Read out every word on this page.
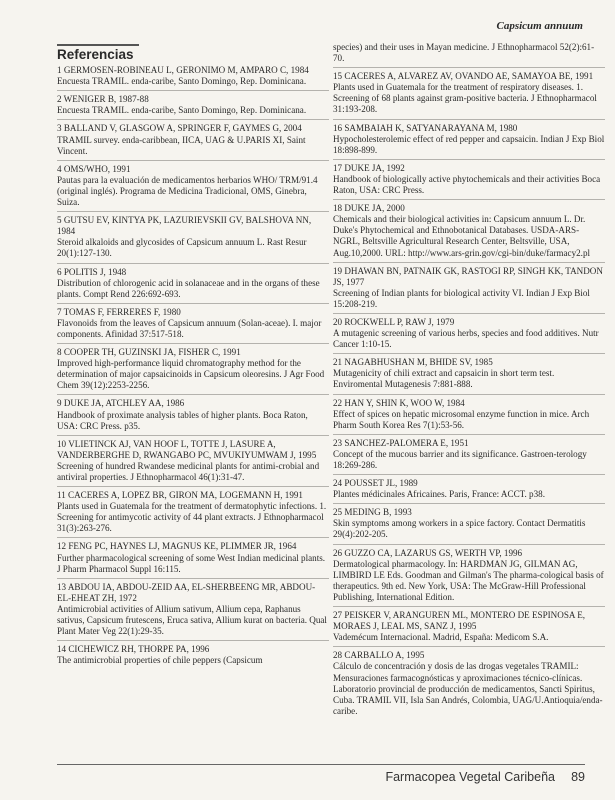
Capsicum annuum
Referencias
1 GERMOSEN-ROBINEAU L, GERONIMO M, AMPARO C, 1984
Encuesta TRAMIL. enda-caribe, Santo Domingo, Rep. Dominicana.
2 WENIGER B, 1987-88
Encuesta TRAMIL. enda-caribe, Santo Domingo, Rep. Dominicana.
3 BALLAND V, GLASGOW A, SPRINGER F, GAYMES G, 2004
TRAMIL survey. enda-caribbean, IICA, UAG & U.PARIS XI, Saint Vincent.
4 OMS/WHO, 1991
Pautas para la evaluación de medicamentos herbarios WHO/ TRM/91.4 (original inglés). Programa de Medicina Tradicional, OMS, Ginebra, Suiza.
5 GUTSU EV, KINTYA PK, LAZURIEVSKII GV, BALSHOVA NN, 1984
Steroid alkaloids and glycosides of Capsicum annuum L. Rast Resur 20(1):127-130.
6 POLITIS J, 1948
Distribution of chlorogenic acid in solanaceae and in the organs of these plants. Compt Rend 226:692-693.
7 TOMAS F, FERRERES F, 1980
Flavonoids from the leaves of Capsicum annuum (Solan-aceae). I. major components. Afinidad 37:517-518.
8 COOPER TH, GUZINSKI JA, FISHER C, 1991
Improved high-performance liquid chromatography method for the determination of major capsaicinoids in Capsicum oleoresins. J Agr Food Chem 39(12):2253-2256.
9 DUKE JA, ATCHLEY AA, 1986
Handbook of proximate analysis tables of higher plants. Boca Raton, USA: CRC Press. p35.
10 VLIETINCK AJ, VAN HOOF L, TOTTE J, LASURE A, VANDERBERGHE D, RWANGABO PC, MVUKIYUMWAM J, 1995
Screening of hundred Rwandese medicinal plants for antimi-crobial and antiviral properties. J Ethnopharmacol 46(1):31-47.
11 CACERES A, LOPEZ BR, GIRON MA, LOGEMANN H, 1991
Plants used in Guatemala for the treatment of dermatophytic infections. 1. Screening for antimycotic activity of 44 plant extracts. J Ethnopharmacol 31(3):263-276.
12 FENG PC, HAYNES LJ, MAGNUS KE, PLIMMER JR, 1964
Further pharmacological screening of some West Indian medicinal plants. J Pharm Pharmacol Suppl 16:115.
13 ABDOU IA, ABDOU-ZEID AA, EL-SHERBEENG MR, ABDOU-EL-EHEAT ZH, 1972
Antimicrobial activities of Allium sativum, Allium cepa, Raphanus sativus, Capsicum frutescens, Eruca sativa, Allium kurat on bacteria. Qual Plant Mater Veg 22(1):29-35.
14 CICHEWICZ RH, THORPE PA, 1996
The antimicrobial properties of chile peppers (Capsicum
species) and their uses in Mayan medicine. J Ethnopharmacol 52(2):61-70.
15 CACERES A, ALVAREZ AV, OVANDO AE, SAMAYOA BE, 1991
Plants used in Guatemala for the treatment of respiratory diseases. 1. Screening of 68 plants against gram-positive bacteria. J Ethnopharmacol 31:193-208.
16 SAMBAIAH K, SATYANARAYANA M, 1980
Hypocholesterolemic effect of red pepper and capsaicin. Indian J Exp Biol 18:898-899.
17 DUKE JA, 1992
Handbook of biologically active phytochemicals and their activities Boca Raton, USA: CRC Press.
18 DUKE JA, 2000
Chemicals and their biological activities in: Capsicum annuum L. Dr. Duke's Phytochemical and Ethnobotanical Databases. USDA-ARS-NGRL, Beltsville Agricultural Research Center, Beltsville, USA, Aug.10,2000. URL: http://www.ars-grin.gov/cgi-bin/duke/farmacy2.pl
19 DHAWAN BN, PATNAIK GK, RASTOGI RP, SINGH KK, TANDON JS, 1977
Screening of Indian plants for biological activity VI. Indian J Exp Biol 15:208-219.
20 ROCKWELL P, RAW J, 1979
A mutagenic screening of various herbs, species and food additives. Nutr Cancer 1:10-15.
21 NAGABHUSHAN M, BHIDE SV, 1985
Mutagenicity of chili extract and capsaicin in short term test. Enviromental Mutagenesis 7:881-888.
22 HAN Y, SHIN K, WOO W, 1984
Effect of spices on hepatic microsomal enzyme function in mice. Arch Pharm South Korea Res 7(1):53-56.
23 SANCHEZ-PALOMERA E, 1951
Concept of the mucous barrier and its significance. Gastroen-terology 18:269-286.
24 POUSSET JL, 1989
Plantes médicinales Africaines. Paris, France: ACCT. p38.
25 MEDING B, 1993
Skin symptoms among workers in a spice factory. Contact Dermatitis 29(4):202-205.
26 GUZZO CA, LAZARUS GS, WERTH VP, 1996
Dermatological pharmacology. In: HARDMAN JG, GILMAN AG, LIMBIRD LE Eds. Goodman and Gilman's The pharma-cological basis of therapeutics. 9th ed. New York, USA: The McGraw-Hill Professional Publishing, International Edition.
27 PEISKER V, ARANGUREN ML, MONTERO DE ESPINOSA E, MORAES J, LEAL MS, SANZ J, 1995
Vademécum Internacional. Madrid, España: Medicom S.A.
28 CARBALLO A, 1995
Cálculo de concentración y dosis de las drogas vegetales TRAMIL: Mensuraciones farmacognósticas y aproximaciones técnico-clínicas. Laboratorio provincial de producción de medicamentos, Sancti Spiritus, Cuba. TRAMIL VII, Isla San Andrés, Colombia, UAG/U.Antioquia/enda-caribe.
Farmacopea Vegetal Caribeña 89
